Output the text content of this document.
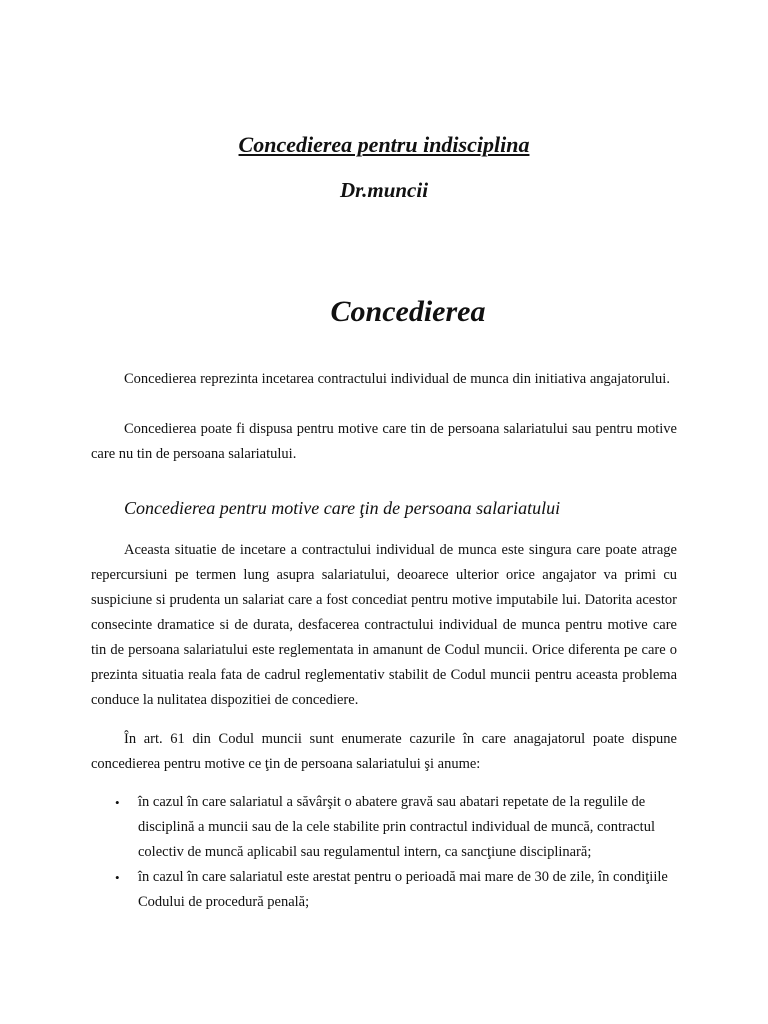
Concedierea pentru indisciplina
Dr.muncii
Concedierea

Concedierea reprezinta incetarea contractului individual de munca din initiativa angajatorului.

Concedierea poate fi dispusa pentru motive care tin de persoana salariatului sau pentru motive care nu tin de persoana salariatului.

Concedierea pentru motive care ţin de persoana salariatului

Aceasta situatie de incetare a contractului individual de munca este singura care poate atrage repercursiuni pe termen lung asupra salariatului, deoarece ulterior orice angajator va primi cu suspiciune si prudenta un salariat care a fost concediat pentru motive imputabile lui. Datorita acestor consecinte dramatice si de durata, desfacerea contractului individual de munca pentru motive care tin de persoana salariatului este reglementata in amanunt de Codul muncii. Orice diferenta pe care o prezinta situatia reala fata de cadrul reglementativ stabilit de Codul muncii pentru aceasta problema conduce la nulitatea dispozitiei de concediere.

În art. 61 din Codul muncii sunt enumerate cazurile în care anagajatorul poate dispune concedierea pentru motive ce ţin de persoana salariatului şi anume:

• în cazul în care salariatul a săvârşit o abatere gravă sau abatari repetate de la regulile de disciplină a muncii sau de la cele stabilite prin contractul individual de muncă, contractul colectiv de muncă aplicabil sau regulamentul intern, ca sancţiune disciplinară;
• în cazul în care salariatul este arestat pentru o perioadă mai mare de 30 de zile, în condiţiile Codului de procedură penală;
